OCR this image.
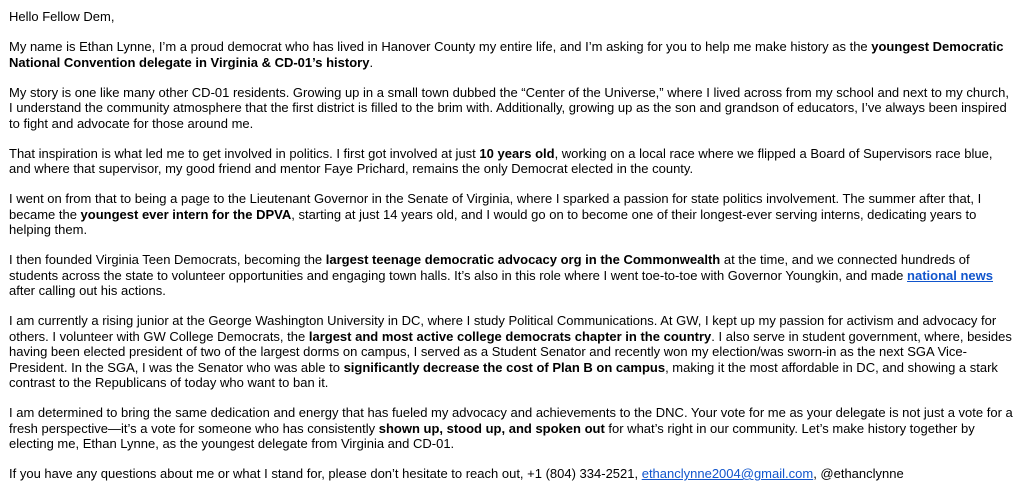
Hello Fellow Dem,

My name is Ethan Lynne, I’m a proud democrat who has lived in Hanover County my entire life, and I’m asking for you to help me make history as the youngest Democratic National Convention delegate in Virginia & CD-01’s history.

My story is one like many other CD-01 residents. Growing up in a small town dubbed the “Center of the Universe,” where I lived across from my school and next to my church, I understand the community atmosphere that the first district is filled to the brim with. Additionally, growing up as the son and grandson of educators, I’ve always been inspired to fight and advocate for those around me.

That inspiration is what led me to get involved in politics. I first got involved at just 10 years old, working on a local race where we flipped a Board of Supervisors race blue, and where that supervisor, my good friend and mentor Faye Prichard, remains the only Democrat elected in the county.

I went on from that to being a page to the Lieutenant Governor in the Senate of Virginia, where I sparked a passion for state politics involvement. The summer after that, I became the youngest ever intern for the DPVA, starting at just 14 years old, and I would go on to become one of their longest-ever serving interns, dedicating years to helping them.

I then founded Virginia Teen Democrats, becoming the largest teenage democratic advocacy org in the Commonwealth at the time, and we connected hundreds of students across the state to volunteer opportunities and engaging town halls. It’s also in this role where I went toe-to-toe with Governor Youngkin, and made national news after calling out his actions.

I am currently a rising junior at the George Washington University in DC, where I study Political Communications. At GW, I kept up my passion for activism and advocacy for others. I volunteer with GW College Democrats, the largest and most active college democrats chapter in the country. I also serve in student government, where, besides having been elected president of two of the largest dorms on campus, I served as a Student Senator and recently won my election/was sworn-in as the next SGA Vice-President. In the SGA, I was the Senator who was able to significantly decrease the cost of Plan B on campus, making it the most affordable in DC, and showing a stark contrast to the Republicans of today who want to ban it.

I am determined to bring the same dedication and energy that has fueled my advocacy and achievements to the DNC. Your vote for me as your delegate is not just a vote for a fresh perspective—it’s a vote for someone who has consistently shown up, stood up, and spoken out for what’s right in our community. Let’s make history together by electing me, Ethan Lynne, as the youngest delegate from Virginia and CD-01.

If you have any questions about me or what I stand for, please don’t hesitate to reach out, +1 (804) 334-2521, ethanclynne2004@gmail.com, @ethanclynne
